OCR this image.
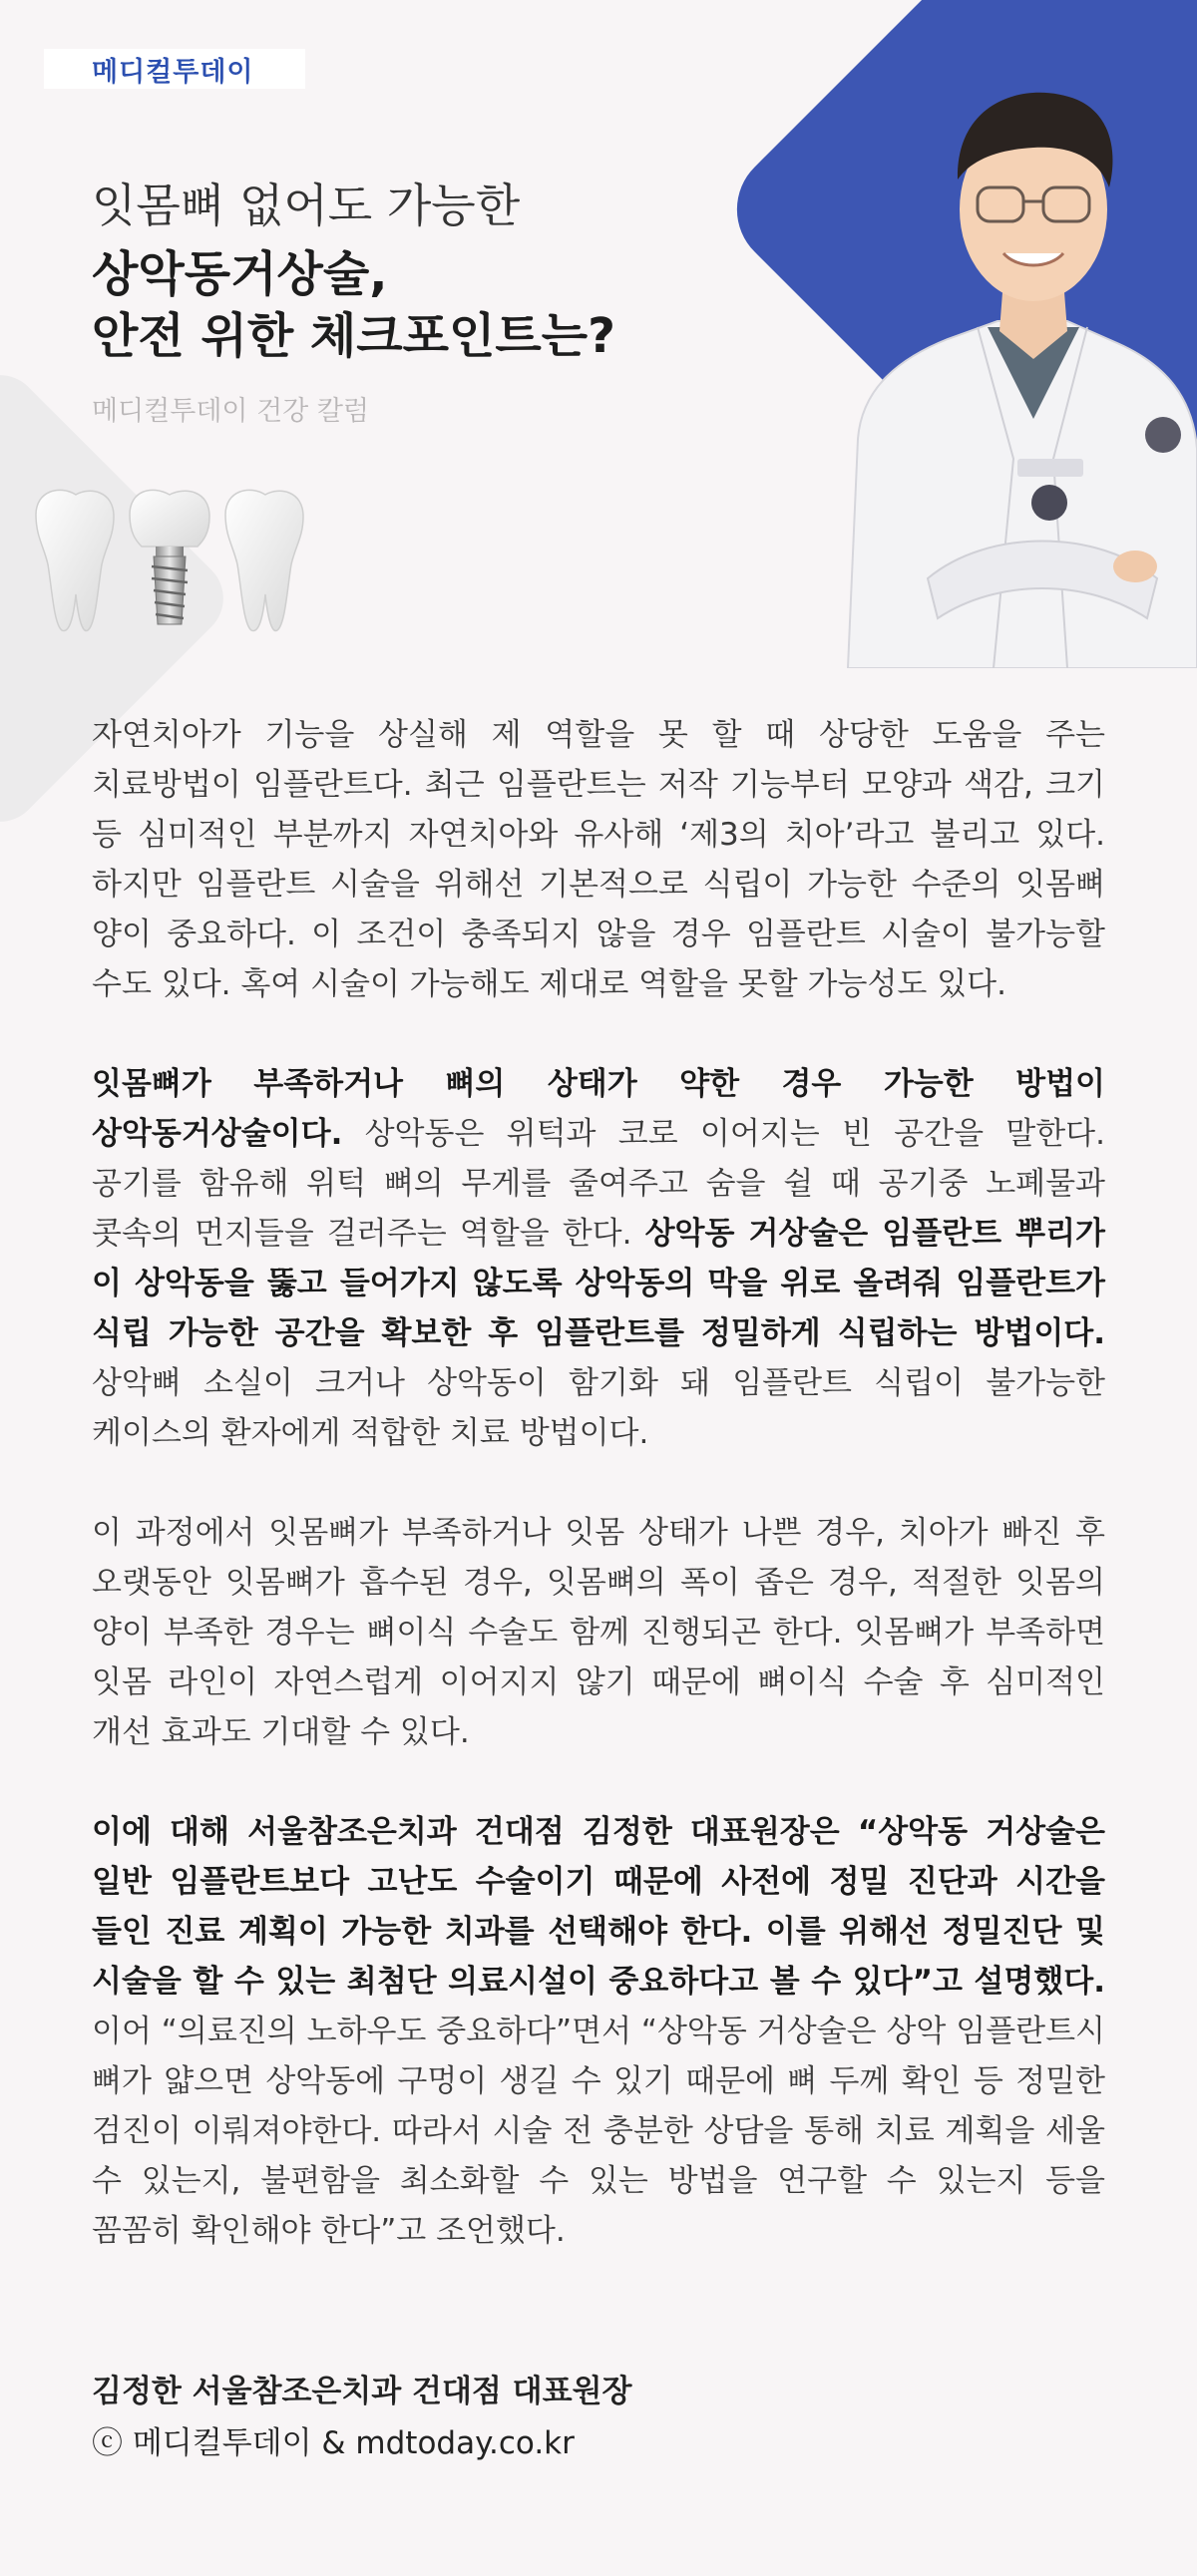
메디컬투데이
잇몸뼈 없어도 가능한
상악동거상술,
안전 위한 체크포인트는?
메디컬투데이 건강 칼럼

자연치아가 기능을 상실해 제 역할을 못 할 때 상당한 도움을 주는 치료방법이 임플란트다. 최근 임플란트는 저작 기능부터 모양과 색감, 크기 등 심미적인 부분까지 자연치아와 유사해 ‘제3의 치아’라고 불리고 있다. 하지만 임플란트 시술을 위해선 기본적으로 식립이 가능한 수준의 잇몸뼈 양이 중요하다. 이 조건이 충족되지 않을 경우 임플란트 시술이 불가능할 수도 있다. 혹여 시술이 가능해도 제대로 역할을 못할 가능성도 있다.

잇몸뼈가 부족하거나 뼈의 상태가 약한 경우 가능한 방법이 상악동거상술이다. 상악동은 위턱과 코로 이어지는 빈 공간을 말한다. 공기를 함유해 위턱 뼈의 무게를 줄여주고 숨을 쉴 때 공기중 노폐물과 콧속의 먼지들을 걸러주는 역할을 한다. 상악동 거상술은 임플란트 뿌리가 이 상악동을 뚫고 들어가지 않도록 상악동의 막을 위로 올려줘 임플란트가 식립 가능한 공간을 확보한 후 임플란트를 정밀하게 식립하는 방법이다. 상악뼈 소실이 크거나 상악동이 함기화 돼 임플란트 식립이 불가능한 케이스의 환자에게 적합한 치료 방법이다.

이 과정에서 잇몸뼈가 부족하거나 잇몸 상태가 나쁜 경우, 치아가 빠진 후 오랫동안 잇몸뼈가 흡수된 경우, 잇몸뼈의 폭이 좁은 경우, 적절한 잇몸의 양이 부족한 경우는 뼈이식 수술도 함께 진행되곤 한다. 잇몸뼈가 부족하면 잇몸 라인이 자연스럽게 이어지지 않기 때문에 뼈이식 수술 후 심미적인 개선 효과도 기대할 수 있다.

이에 대해 서울참조은치과 건대점 김정한 대표원장은 “상악동 거상술은 일반 임플란트보다 고난도 수술이기 때문에 사전에 정밀 진단과 시간을 들인 진료 계획이 가능한 치과를 선택해야 한다. 이를 위해선 정밀진단 및 시술을 할 수 있는 최첨단 의료시설이 중요하다고 볼 수 있다”고 설명했다. 이어 “의료진의 노하우도 중요하다”면서 “상악동 거상술은 상악 임플란트시 뼈가 얇으면 상악동에 구멍이 생길 수 있기 때문에 뼈 두께 확인 등 정밀한 검진이 이뤄져야한다. 따라서 시술 전 충분한 상담을 통해 치료 계획을 세울 수 있는지, 불편함을 최소화할 수 있는 방법을 연구할 수 있는지 등을 꼼꼼히 확인해야 한다”고 조언했다.

김정한 서울참조은치과 건대점 대표원장
ⓒ 메디컬투데이 & mdtoday.co.kr
